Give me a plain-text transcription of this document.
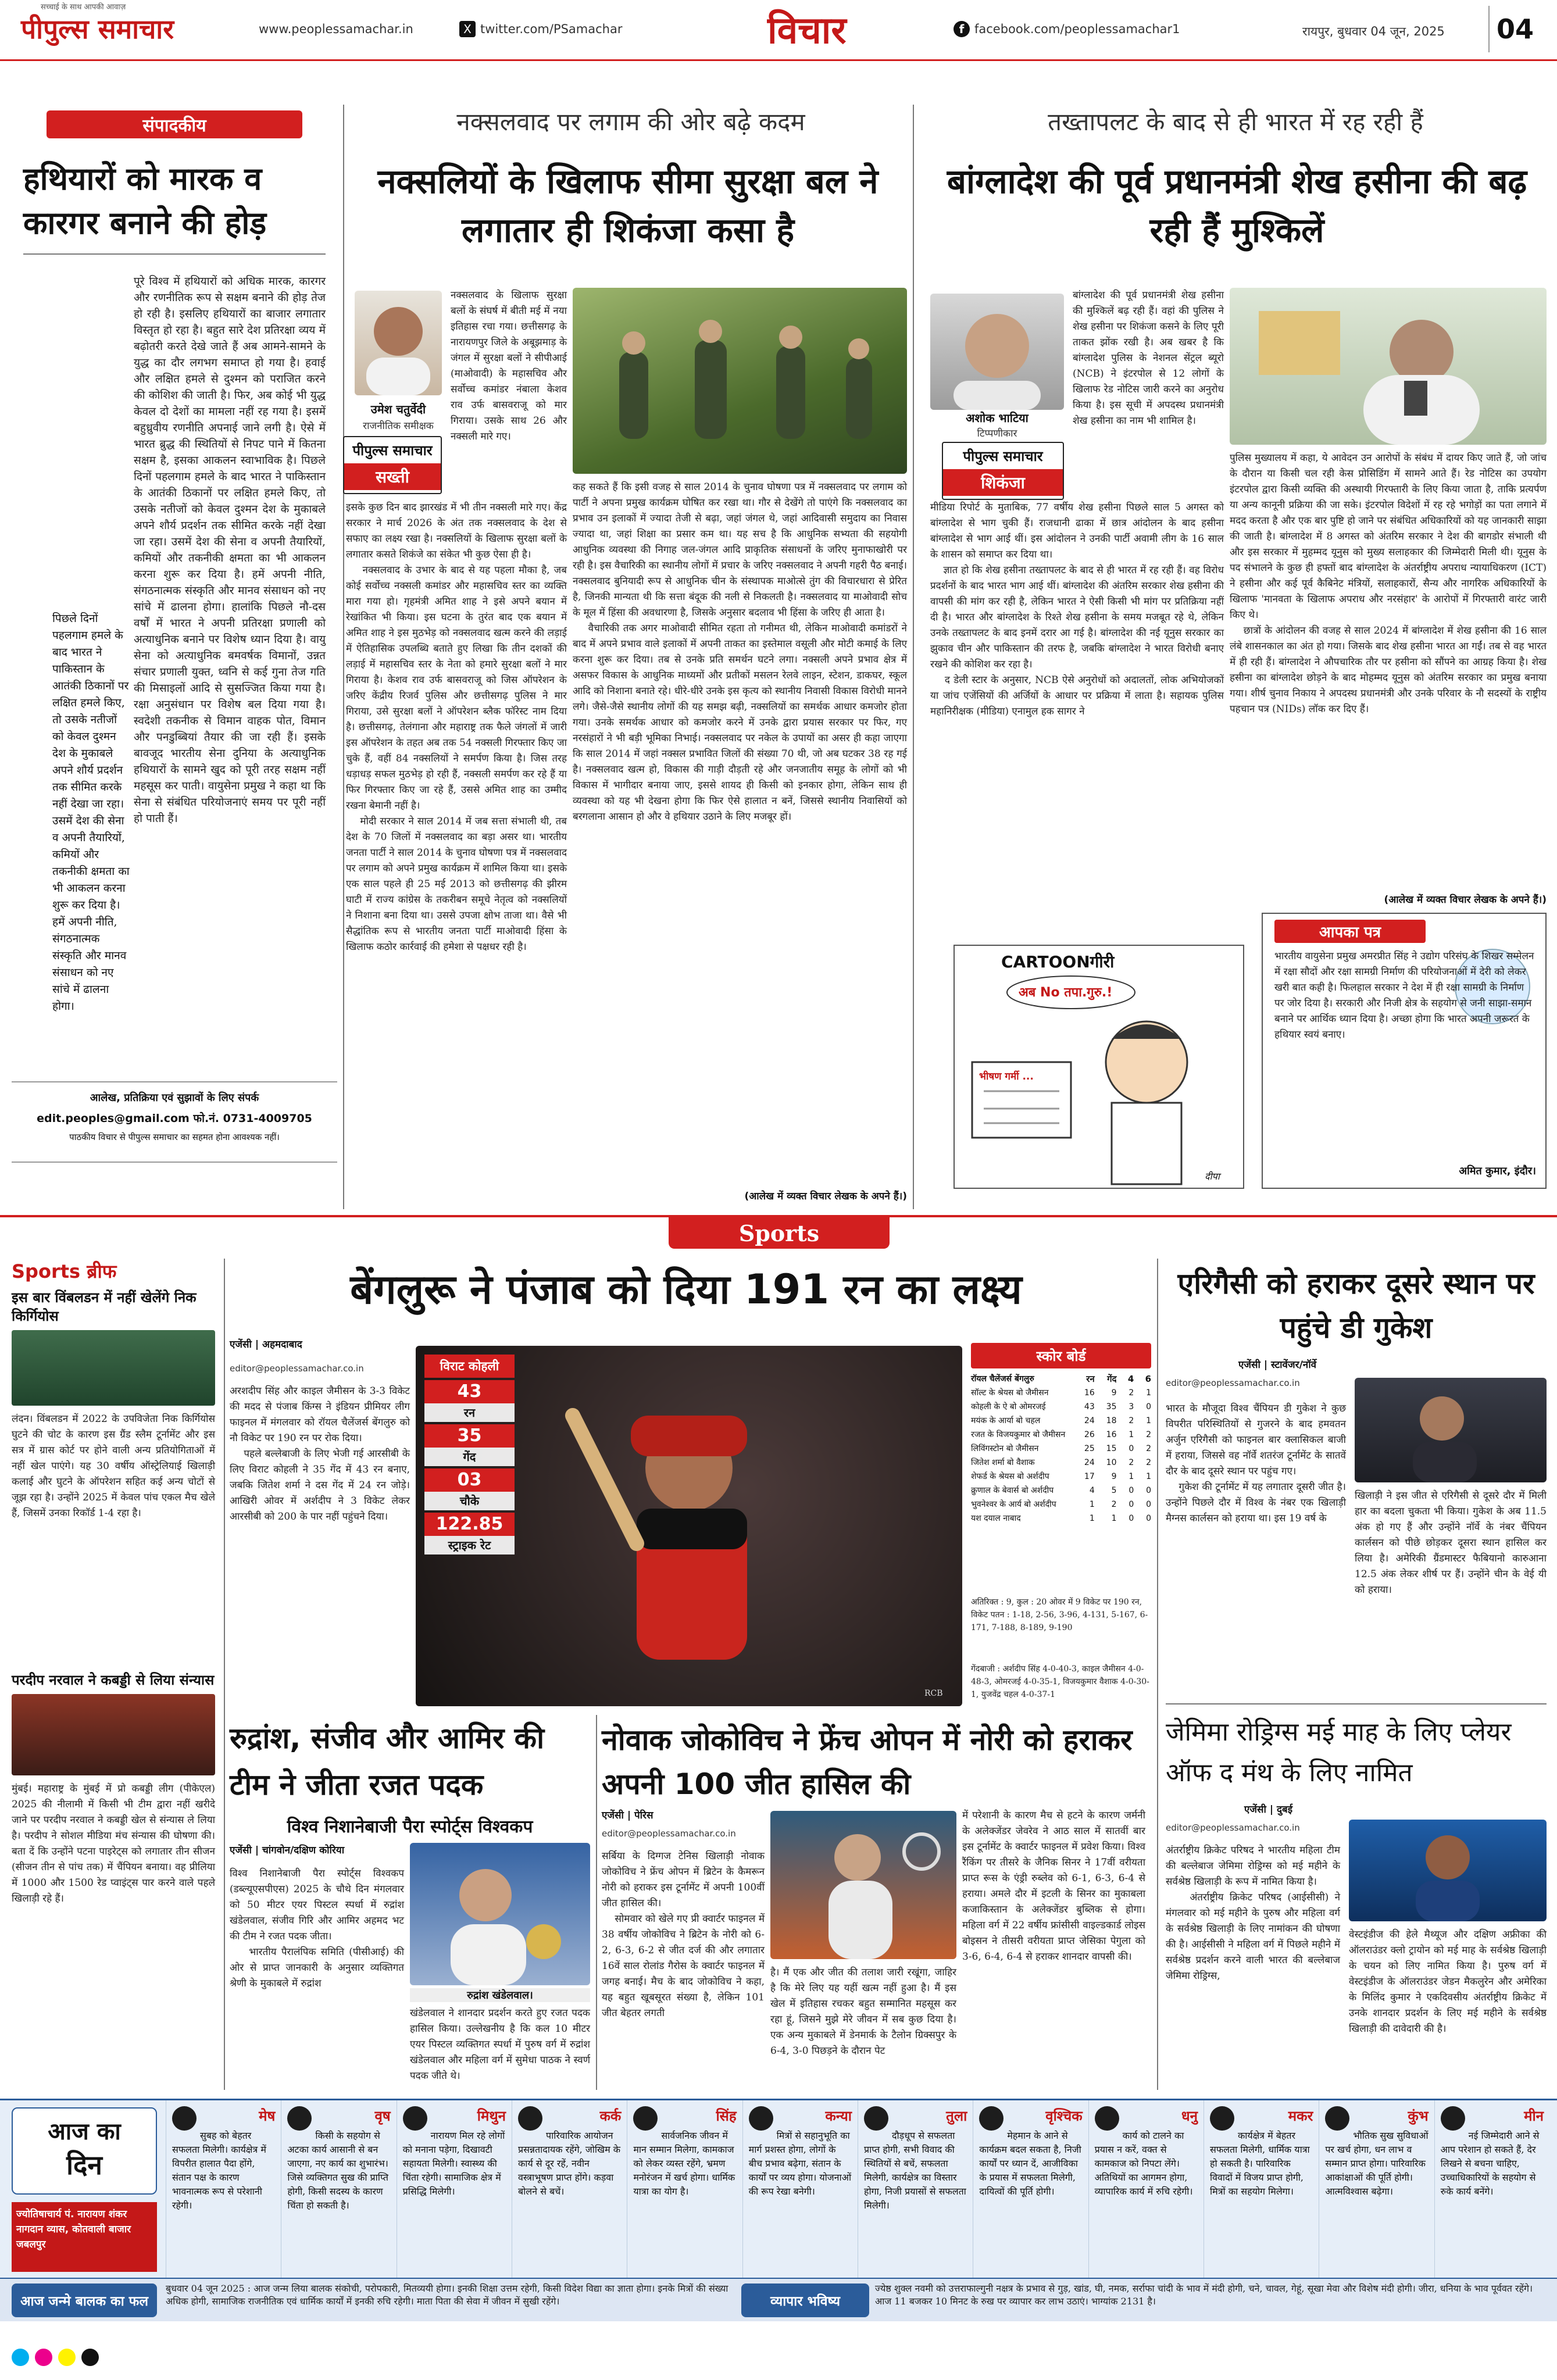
पीपुल्स समाचार
सच्चाई के साथ आपकी आवाज़
www.peoplessamachar.in	X twitter.com/PSamachar	विचार	f facebook.com/peoplessamachar1	रायपुर, बुधवार 04 जून, 2025	04
संपादकीय
हथियारों को मारक व कारगर बनाने की होड़
पूरे विश्व में हथियारों को अधिक मारक, कारगर और रणनीतिक रूप से सक्षम बनाने की होड़ तेज हो रही है। इसलिए हथियारों का बाजार लगातार विस्तृत हो रहा है। बहुत सारे देश प्रतिरक्षा व्यय में बढ़ोतरी करते देखे जाते हैं अब आमने-सामने के युद्ध का दौर लगभग समाप्त हो गया है। हवाई और लक्षित हमले से दुश्मन को पराजित करने की कोशिश की जाती है। फिर, अब कोई भी युद्ध केवल दो देशों का मामला नहीं रह गया है। इसमें बहुध्रुवीय रणनीति अपनाई जाने लगी है। ऐसे में भारत ब्रुद्ध की स्थितियों से निपट पाने में कितना सक्षम है, इसका आकलन स्वाभाविक है। पिछले दिनों पहलगाम हमले के बाद भारत ने पाकिस्तान के आतंकी ठिकानों पर लक्षित हमले किए, तो उसके नतीजों को केवल दुश्मन देश के मुकाबले अपने शौर्य प्रदर्शन तक सीमित करके नहीं देखा जा रहा। उसमें देश की सेना व अपनी तैयारियों, कमियों और तकनीकी क्षमता का भी आकलन करना शुरू कर दिया है। हमें अपनी नीति, संगठनात्मक संस्कृति और मानव संसाधन को नए सांचे में ढालना होगा। हालांकि पिछले नौ-दस वर्षों में भारत ने अपनी प्रतिरक्षा प्रणाली को अत्याधुनिक बनाने पर विशेष ध्यान दिया है। वायु सेना को अत्याधुनिक बमवर्षक विमानों, उन्नत संचार प्रणाली युक्त, ध्वनि से कई गुना तेज गति की मिसाइलों आदि से सुसज्जित किया गया है। रक्षा अनुसंधान पर विशेष बल दिया गया है। स्वदेशी तकनीक से विमान वाहक पोत, विमान और पनडुब्बियां तैयार की जा रही हैं। इसके बावजूद भारतीय सेना दुनिया के अत्याधुनिक हथियारों के सामने खुद को पूरी तरह सक्षम नहीं महसूस कर पाती। वायुसेना प्रमुख ने कहा था कि सेना से संबंधित परियोजनाएं समय पर पूरी नहीं हो पाती हैं।
पिछले दिनों पहलगाम हमले के बाद भारत ने पाकिस्तान के आतंकी ठिकानों पर लक्षित हमले किए, तो उसके नतीजों को केवल दुश्मन देश के मुकाबले अपने शौर्य प्रदर्शन तक सीमित करके नहीं देखा जा रहा। उसमें देश की सेना व अपनी तैयारियों, कमियों और तकनीकी क्षमता का भी आकलन करना शुरू कर दिया है। हमें अपनी नीति, संगठनात्मक संस्कृति और मानव संसाधन को नए सांचे में ढालना होगा।
आलेख, प्रतिक्रिया एवं सुझावों के लिए संपर्क
edit.peoples@gmail.com फो.नं. 0731-4009705
पाठकीय विचार से पीपुल्स समाचार का सहमत होना आवश्यक नहीं।
नक्सलवाद पर लगाम की ओर बढ़े कदम
नक्सलियों के खिलाफ सीमा सुरक्षा बल ने लगातार ही शिकंजा कसा है
उमेश चतुर्वेदी
राजनीतिक समीक्षक
पीपुल्स समाचार
सख्ती
नक्सलवाद के खिलाफ सुरक्षा बलों के संघर्ष में बीती मई में नया इतिहास रचा गया। छत्तीसगढ़ के नारायणपुर जिले के अबूझमाड़ के जंगल में सुरक्षा बलों ने सीपीआई (माओवादी) के महासचिव और सर्वोच्च कमांडर नंबाला केशव राव उर्फ बासवराजू को मार गिराया। उसके साथ 26 और नक्सली मारे गए।
इसके कुछ दिन बाद झारखंड में भी तीन नक्सली मारे गए। केंद्र सरकार ने मार्च 2026 के अंत तक नक्सलवाद के देश से सफाए का लक्ष्य रखा है। नक्सलियों के खिलाफ सुरक्षा बलों के लगातार कसते शिकंजे का संकेत भी कुछ ऐसा ही है।
नक्सलवाद के उभार के बाद से यह पहला मौका है, जब कोई सर्वोच्च नक्सली कमांडर और महासचिव स्तर का व्यक्ति मारा गया हो। गृहमंत्री अमित शाह ने इसे अपने बयान में रेखांकित भी किया। इस घटना के तुरंत बाद एक बयान में अमित शाह ने इस मुठभेड़ को नक्सलवाद खत्म करने की लड़ाई में ऐतिहासिक उपलब्धि बताते हुए लिखा कि तीन दशकों की लड़ाई में महासचिव स्तर के नेता को हमारे सुरक्षा बलों ने मार गिराया है। केशव राव उर्फ बासवराजू को जिस ऑपरेशन के जरिए केंद्रीय रिजर्व पुलिस और छत्तीसगढ़ पुलिस ने मार गिराया, उसे सुरक्षा बलों ने ऑपरेशन ब्लैक फॉरेस्ट नाम दिया है। छत्तीसगढ़, तेलंगाना और महाराष्ट्र तक फैले जंगलों में जारी इस ऑपरेशन के तहत अब तक 54 नक्सली गिरफ्तार किए जा चुके हैं, वहीं 84 नक्सलियों ने समर्पण किया है। जिस तरह धड़ाधड़ सफल मुठभेड़ हो रही हैं, नक्सली समर्पण कर रहे हैं या फिर गिरफ्तार किए जा रहे हैं, उससे अमित शाह का उम्मीद रखना बेमानी नहीं है।
मोदी सरकार ने साल 2014 में जब सत्ता संभाली थी, तब देश के 70 जिलों में नक्सलवाद का बड़ा असर था। भारतीय जनता पार्टी ने साल 2014 के चुनाव घोषणा पत्र में नक्सलवाद पर लगाम को अपने प्रमुख कार्यक्रम में शामिल किया था। इसके एक साल पहले ही 25 मई 2013 को छत्तीसगढ़ की झीरम घाटी में राज्य कांग्रेस के तकरीबन समूचे नेतृत्व को नक्सलियों ने निशाना बना दिया था। उससे उपजा क्षोभ ताजा था। वैसे भी सैद्धांतिक रूप से भारतीय जनता पार्टी माओवादी हिंसा के खिलाफ कठोर कार्रवाई की हमेशा से पक्षधर रही है।
कह सकते हैं कि इसी वजह से साल 2014 के चुनाव घोषणा पत्र में नक्सलवाद पर लगाम को पार्टी ने अपना प्रमुख कार्यक्रम घोषित कर रखा था। गौर से देखेंगे तो पाएंगे कि नक्सलवाद का प्रभाव उन इलाकों में ज्यादा तेजी से बढ़ा, जहां जंगल थे, जहां आदिवासी समुदाय का निवास ज्यादा था, जहां शिक्षा का प्रसार कम था। यह सच है कि आधुनिक सभ्यता की सहयोगी आधुनिक व्यवस्था की निगाह जल-जंगल आदि प्राकृतिक संसाधनों के जरिए मुनाफाखोरी पर रही है। इस वैचारिकी का स्थानीय लोगों में प्रचार के जरिए नक्सलवाद ने अपनी गहरी पैठ बनाई। नक्सलवाद बुनियादी रूप से आधुनिक चीन के संस्थापक माओत्से तुंग की विचारधारा से प्रेरित है, जिनकी मान्यता थी कि सत्ता बंदूक की नली से निकलती है। नक्सलवाद या माओवादी सोच के मूल में हिंसा की अवधारणा है, जिसके अनुसार बदलाव भी हिंसा के जरिए ही आता है।
वैचारिकी तक अगर माओवादी सीमित रहता तो गनीमत थी, लेकिन माओवादी कमांडरों ने बाद में अपने प्रभाव वाले इलाकों में अपनी ताकत का इस्तेमाल वसूली और मोटी कमाई के लिए करना शुरू कर दिया। तब से उनके प्रति समर्थन घटने लगा। नक्सली अपने प्रभाव क्षेत्र में असफर विकास के आधुनिक माध्यमों और प्रतीकों मसलन रेलवे लाइन, स्टेशन, डाकघर, स्कूल आदि को निशाना बनाते रहे। धीरे-धीरे उनके इस कृत्य को स्थानीय निवासी विकास विरोधी मानने लगे। जैसे-जैसे स्थानीय लोगों की यह समझ बढ़ी, नक्सलियों का समर्थक आधार कमजोर होता गया। उनके समर्थक आधार को कमजोर करने में उनके द्वारा प्रयास सरकार पर फिर, गए नरसंहारों ने भी बड़ी भूमिका निभाई। नक्सलवाद पर नकेल के उपायों का असर ही कहा जाएगा कि साल 2014 में जहां नक्सल प्रभावित जिलों की संख्या 70 थी, जो अब घटकर 38 रह गई है। नक्सलवाद खत्म हो, विकास की गाड़ी दौड़ती रहे और जनजातीय समूह के लोगों को भी विकास में भागीदार बनाया जाए, इससे शायद ही किसी को इनकार होगा, लेकिन साथ ही व्यवस्था को यह भी देखना होगा कि फिर ऐसे हालात न बनें, जिससे स्थानीय निवासियों को बरगलाना आसान हो और वे हथियार उठाने के लिए मजबूर हों।
(आलेख में व्यक्त विचार लेखक के अपने हैं।)
तख्तापलट के बाद से ही भारत में रह रही हैं
बांग्लादेश की पूर्व प्रधानमंत्री शेख हसीना की बढ़ रही हैं मुश्किलें
अशोक भाटिया
टिप्पणीकार
पीपुल्स समाचार
शिकंजा
बांग्लादेश की पूर्व प्रधानमंत्री शेख हसीना की मुश्किलें बढ़ रही हैं। वहां की पुलिस ने शेख हसीना पर शिकंजा कसने के लिए पूरी ताकत झोंक रखी है। अब खबर है कि बांग्लादेश पुलिस के नेशनल सेंट्रल ब्यूरो (NCB) ने इंटरपोल से 12 लोगों के खिलाफ रेड नोटिस जारी करने का अनुरोध किया है। इस सूची में अपदस्थ प्रधानमंत्री शेख हसीना का नाम भी शामिल है।
मीडिया रिपोर्ट के मुताबिक, 77 वर्षीय शेख हसीना पिछले साल 5 अगस्त को बांग्लादेश से भाग चुकी हैं। राजधानी ढाका में छात्र आंदोलन के बाद हसीना बांग्लादेश से भाग आई थीं। इस आंदोलन ने उनकी पार्टी अवामी लीग के 16 साल के शासन को समाप्त कर दिया था।
ज्ञात हो कि शेख हसीना तख्तापलट के बाद से ही भारत में रह रही हैं। वह विरोध प्रदर्शनों के बाद भारत भाग आई थीं। बांग्लादेश की अंतरिम सरकार शेख हसीना की वापसी की मांग कर रही है, लेकिन भारत ने ऐसी किसी भी मांग पर प्रतिक्रिया नहीं दी है। भारत और बांग्लादेश के रिश्ते शेख हसीना के समय मजबूत रहे थे, लेकिन उनके तख्तापलट के बाद इनमें दरार आ गई है। बांग्लादेश की नई यूनुस सरकार का झुकाव चीन और पाकिस्तान की तरफ है, जबकि बांग्लादेश ने भारत विरोधी बनाए रखने की कोशिश कर रहा है।
द डेली स्टार के अनुसार, NCB ऐसे अनुरोधों को अदालतों, लोक अभियोजकों या जांच एजेंसियों की अर्जियों के आधार पर प्रक्रिया में लाता है। सहायक पुलिस महानिरीक्षक (मीडिया) एनामुल हक सागर ने
पुलिस मुख्यालय में कहा, ये आवेदन उन आरोपों के संबंध में दायर किए जाते हैं, जो जांच के दौरान या किसी चल रही केस प्रोसिडिंग में सामने आते हैं। रेड नोटिस का उपयोग इंटरपोल द्वारा किसी व्यक्ति की अस्थायी गिरफ्तारी के लिए किया जाता है, ताकि प्रत्यर्पण या अन्य कानूनी प्रक्रिया की जा सके। इंटरपोल विदेशों में रह रहे भगोड़ों का पता लगाने में मदद करता है और एक बार पुष्टि हो जाने पर संबंधित अधिकारियों को यह जानकारी साझा की जाती है। बांग्लादेश में 8 अगस्त को अंतरिम सरकार ने देश की बागडोर संभाली थी और इस सरकार में मुहम्मद यूनुस को मुख्य सलाहकार की जिम्मेदारी मिली थी। यूनुस के पद संभालने के कुछ ही हफ्तों बाद बांग्लादेश के अंतर्राष्ट्रीय अपराध न्यायाधिकरण (ICT) ने हसीना और कई पूर्व कैबिनेट मंत्रियों, सलाहकारों, सैन्य और नागरिक अधिकारियों के खिलाफ 'मानवता के खिलाफ अपराध और नरसंहार' के आरोपों में गिरफ्तारी वारंट जारी किए थे।
छात्रों के आंदोलन की वजह से साल 2024 में बांग्लादेश में शेख हसीना की 16 साल लंबे शासनकाल का अंत हो गया। जिसके बाद शेख हसीना भारत आ गईं। तब से वह भारत में ही रही हैं। बांग्लादेश ने औपचारिक तौर पर हसीना को सौंपने का आग्रह किया है। शेख हसीना का बांग्लादेश छोड़ने के बाद मोहम्मद यूनुस को अंतरिम सरकार का प्रमुख बनाया गया। शीर्ष चुनाव निकाय ने अपदस्थ प्रधानमंत्री और उनके परिवार के नौ सदस्यों के राष्ट्रीय पहचान पत्र (NIDs) लॉक कर दिए हैं।
(आलेख में व्यक्त विचार लेखक के अपने हैं।)
CARTOONगीरी
अब No तपा.गुरु.!
भीषण गर्मी ...
दीपा
आपका पत्र
भारतीय वायुसेना प्रमुख अमरप्रीत सिंह ने उद्योग परिसंघ के शिखर सम्मेलन में रक्षा सौदों और रक्षा सामग्री निर्माण की परियोजनाओं में देरी को लेकर खरी बात कही है। फिलहाल सरकार ने देश में ही रक्षा सामग्री के निर्माण पर जोर दिया है। सरकारी और निजी क्षेत्र के सहयोग से जनी साझा-समान बनाने पर आर्थिक ध्यान दिया है। अच्छा होगा कि भारत अपनी जरूरत के हथियार स्वयं बनाए।
अमित कुमार, इंदौर।
Sports
Sports ब्रीफ
इस बार विंबलडन में नहीं खेलेंगे निक किर्गियोस
लंदन। विंबलडन में 2022 के उपविजेता निक किर्गियोस घुटने की चोट के कारण इस ग्रैंड स्लैम टूर्नामेंट और इस सत्र में ग्रास कोर्ट पर होने वाली अन्य प्रतियोगिताओं में नहीं खेल पाएंगे। यह 30 वर्षीय ऑस्ट्रेलियाई खिलाड़ी कलाई और घुटने के ऑपरेशन सहित कई अन्य चोटों से जूझ रहा है। उन्होंने 2025 में केवल पांच एकल मैच खेले हैं, जिसमें उनका रिकॉर्ड 1-4 रहा है।
परदीप नरवाल ने कबड्डी से लिया संन्यास
मुंबई। महाराष्ट्र के मुंबई में प्रो कबड्डी लीग (पीकेएल) 2025 की नीलामी में किसी भी टीम द्वारा नहीं खरीदे जाने पर परदीप नरवाल ने कबड्डी खेल से संन्यास ले लिया है। परदीप ने सोशल मीडिया मंच संन्यास की घोषणा की। बता दें कि उन्होंने पटना पाइरेट्स को लगातार तीन सीजन (सीजन तीन से पांच तक) में चैंपियन बनाया। वह प्रीलिया में 1000 और 1500 रेड प्वाइंट्स पार करने वाले पहले खिलाड़ी रहे हैं।
बेंगलुरू ने पंजाब को दिया 191 रन का लक्ष्य
एजेंसी | अहमदाबाद
editor@peoplessamachar.co.in
अरशदीप सिंह और काइल जैमीसन के 3-3 विकेट की मदद से पंजाब किंग्स ने इंडियन प्रीमियर लीग फाइनल में मंगलवार को रॉयल चैलेंजर्स बेंगलुरु को नौ विकेट पर 190 रन पर रोक दिया।
पहले बल्लेबाजी के लिए भेजी गई आरसीबी के लिए विराट कोहली ने 35 गेंद में 43 रन बनाए, जबकि जितेश शर्मा ने दस गेंद में 24 रन जोड़े। आखिरी ओवर में अर्शदीप ने 3 विकेट लेकर आरसीबी को 200 के पार नहीं पहुंचने दिया।
विराट कोहली
43
रन
35
गेंद
03
चौके
122.85
स्ट्राइक रेट
RCB
स्कोर बोर्ड
रॉयल चैलेंजर्स बेंगलुरु	रन	गेंद	4	6
सॉल्ट के श्रेयस बो जैमीसन	16	9	2	1
कोहली के ऐ बो ओमरजई	43	35	3	0
मयंक के आर्या बो चहल	24	18	2	1
रजत के विजयकुमार बो जैमीसन	26	16	1	2
लिविंगस्टोन बो जैमीसन	25	15	0	2
जितेश शर्मा बो वैशाक	24	10	2	2
शेफर्ड के श्रेयस बो अर्शदीप	17	9	1	1
क्रुणाल के बेवार्स बो अर्शदीप	4	5	0	0
भुवनेश्वर के आर्य बो अर्शदीप	1	2	0	0
यश दयाल नाबाद	1	1	0	0
अतिरिक्त : 9, कुल : 20 ओवर में 9 विकेट पर 190 रन, विकेट पतन : 1-18, 2-56, 3-96, 4-131, 5-167, 6-171, 7-188, 8-189, 9-190
गेंदबाजी : अर्शदीप सिंह 4-0-40-3, काइल जैमीसन 4-0-48-3, ओमरजई 4-0-35-1, विजयकुमार वैशाक 4-0-30-1, युजवेंद्र चहल 4-0-37-1
रुद्रांश, संजीव और आमिर की टीम ने जीता रजत पदक
विश्व निशानेबाजी पैरा स्पोर्ट्स विश्वकप
एजेंसी | चांगवोन/दक्षिण कोरिया
विश्व निशानेबाजी पैरा स्पोर्ट्स विश्वकप (डब्ल्यूएसपीएस) 2025 के चौथे दिन मंगलवार को 50 मीटर एयर पिस्टल स्पर्धा में रुद्रांश खंडेलवाल, संजीव गिरि और आमिर अहमद भट की टीम ने रजत पदक जीता।
भारतीय पैरालंपिक समिति (पीसीआई) की ओर से प्राप्त जानकारी के अनुसार व्यक्तिगत श्रेणी के मुकाबले में रुद्रांश
रुद्रांश खंडेलवाल।
खंडेलवाल ने शानदार प्रदर्शन करते हुए रजत पदक हासिल किया। उल्लेखनीय है कि कल 10 मीटर एयर पिस्टल व्यक्तिगत स्पर्धा में पुरुष वर्ग में रुद्रांश खंडेलवाल और महिला वर्ग में सुमेधा पाठक ने स्वर्ण पदक जीते थे।
नोवाक जोकोविच ने फ्रेंच ओपन में नोरी को हराकर अपनी 100 जीत हासिल की
एजेंसी | पेरिस
editor@peoplessamachar.co.in
सर्बिया के दिग्गज टेनिस खिलाड़ी नोवाक जोकोविच ने फ्रेंच ओपन में ब्रिटेन के कैमरून नोरी को हराकर इस टूर्नामेंट में अपनी 100वीं जीत हासिल की।
सोमवार को खेले गए प्री क्वार्टर फाइनल में 38 वर्षीय जोकोविच ने ब्रिटेन के नोरी को 6-2, 6-3, 6-2 से जीत दर्ज की और लगातार 16वें साल रोलांड गैरोस के क्वार्टर फाइनल में जगह बनाई। मैच के बाद जोकोविच ने कहा, यह बहुत खूबसूरत संख्या है, लेकिन 101 जीत बेहतर लगती
है। मैं एक और जीत की तलाश जारी रखूंगा, जाहिर है कि मेरे लिए यह यहीं खत्म नहीं हुआ है। मैं इस खेल में इतिहास रचकर बहुत सम्मानित महसूस कर रहा हूं, जिसने मुझे मेरे जीवन में सब कुछ दिया है। एक अन्य मुकाबले में डेनमार्क के टैलोन ग्रिक्सपुर के 6-4, 3-0 पिछड़ने के दौरान पेट
में परेशानी के कारण मैच से हटने के कारण जर्मनी के अलेक्जेंडर जेवरेव ने आठ साल में सातवीं बार इस टूर्नामेंट के क्वार्टर फाइनल में प्रवेश किया। विश्व रैंकिंग पर तीसरे के जैनिक सिनर ने 17वीं वरीयता प्राप्त रूस के एंड्री रुब्लेव को 6-1, 6-3, 6-4 से हराया। अमले दौर में इटली के सिनर का मुकाबला कजाकिस्तान के अलेक्जेंडर बुब्लिक से होगा। महिला वर्ग में 22 वर्षीय फ्रांसीसी वाइल्डकार्ड लोइस बोइसन ने तीसरी वरीयता प्राप्त जेसिका पेगुला को 3-6, 6-4, 6-4 से हराकर शानदार वापसी की।
एरिगैसी को हराकर दूसरे स्थान पर पहुंचे डी गुकेश
एजेंसी | स्टावेंजर/नॉर्वे
editor@peoplessamachar.co.in
भारत के मौजूदा विश्व चैंपियन डी गुकेश ने कुछ विपरीत परिस्थितियों से गुजरने के बाद हमवतन अर्जुन एरिगैसी को फाइनल बार क्लासिकल बाजी में हराया, जिससे वह नॉर्वे शतरंज टूर्नामेंट के सातवें दौर के बाद दूसरे स्थान पर पहुंच गए।
गुकेश की टूर्नामेंट में यह लगातार दूसरी जीत है। उन्होंने पिछले दौर में विश्व के नंबर एक खिलाड़ी मैग्नस कार्लसन को हराया था। इस 19 वर्ष के
खिलाड़ी ने इस जीत से एरिगैसी से दूसरे दौर में मिली हार का बदला चुकता भी किया। गुकेश के अब 11.5 अंक हो गए हैं और उन्होंने नॉर्वे के नंबर चैंपियन कार्लसन को पीछे छोड़कर दूसरा स्थान हासिल कर लिया है। अमेरिकी ग्रैंडमास्टर फैबियानो कारुआना 12.5 अंक लेकर शीर्ष पर हैं। उन्होंने चीन के वेई यी को हराया।
जेमिमा रोड्रिग्स मई माह के लिए प्लेयर ऑफ द मंथ के लिए नामित
एजेंसी | दुबई
editor@peoplessamachar.co.in
अंतर्राष्ट्रीय क्रिकेट परिषद ने भारतीय महिला टीम की बल्लेबाज जेमिमा रोड्रिग्स को मई महीने के सर्वश्रेष्ठ खिलाड़ी के रूप में नामित किया है।
अंतर्राष्ट्रीय क्रिकेट परिषद (आईसीसी) ने मंगलवार को मई महीने के पुरुष और महिला वर्ग के सर्वश्रेष्ठ खिलाड़ी के लिए नामांकन की घोषणा की है। आईसीसी ने महिला वर्ग में पिछले महीने में सर्वश्रेष्ठ प्रदर्शन करने वाली भारत की बल्लेबाज जेमिमा रोड्रिग्स,
वेस्टइंडीज की हेले मैथ्यूज और दक्षिण अफ्रीका की ऑलराउंडर क्लो ट्रायोन को मई माह के सर्वश्रेष्ठ खिलाड़ी के चयन को लिए नामित किया है। पुरुष वर्ग में वेस्टइंडीज के ऑलराउंडर जेडन मैकलुरेन और अमेरिका के मिलिंद कुमार ने एकदिवसीय अंतर्राष्ट्रीय क्रिकेट में उनके शानदार प्रदर्शन के लिए मई महीने के सर्वश्रेष्ठ खिलाड़ी की दावेदारी की है।
आज का
दिन
ज्योतिषाचार्य पं. नारायण शंकर नागदान व्यास, कोतवाली बाजार जबलपुर
मेष
सुबह को बेहतर सफलता मिलेगी। कार्यक्षेत्र में विपरीत हालात पैदा होंगे, संतान पक्ष के कारण भावनात्मक रूप से परेशानी रहेगी।
वृष
किसी के सहयोग से अटका कार्य आसानी से बन जाएगा, नए कार्य का शुभारंभ। जिसे व्यक्तिगत सुख की प्राप्ति होगी, किसी सदस्य के कारण चिंता हो सकती है।
मिथुन
नारायण मिल रहे लोगों को मनाना पड़ेगा, दिखावटी सहायता मिलेगी। स्वास्थ्य की चिंता रहेगी। सामाजिक क्षेत्र में प्रसिद्धि मिलेगी।
कर्क
पारिवारिक आयोजन प्रसन्नतादायक रहेंगे, जोखिम के कार्य से दूर रहें, नवीन वस्त्राभूषण प्राप्त होंगे। कड़वा बोलने से बचें।
सिंह
सार्वजनिक जीवन में मान सम्मान मिलेगा, कामकाज को लेकर व्यस्त रहेंगे, भ्रमण मनोरंजन में खर्च होगा। धार्मिक यात्रा का योग है।
कन्या
मित्रों से सहानुभूति का मार्ग प्रशस्त होगा, लोगों के बीच प्रभाव बढ़ेगा, संतान के कार्यों पर व्यय होगा। योजनाओं की रूप रेखा बनेगी।
तुला
दौड़धूप से सफलता प्राप्त होगी, सभी विवाद की स्थितियों से बचें, सफलता मिलेगी, कार्यक्षेत्र का विस्तार होगा, निजी प्रयासों से सफलता मिलेगी।
वृश्चिक
मेहमान के आने से कार्यक्रम बदल सकता है, निजी कार्यों पर ध्यान दें, आजीविका के प्रयास में सफलता मिलेगी, दायित्वों की पूर्ति होगी।
धनु
कार्य को टालने का प्रयास न करें, वक्त से कामकाज को निपटा लेंगे। अतिथियों का आगमन होगा, व्यापारिक कार्य में रुचि रहेगी।
मकर
कार्यक्षेत्र में बेहतर सफलता मिलेगी, धार्मिक यात्रा हो सकती है। पारिवारिक विवादों में विजय प्राप्त होगी, मित्रों का सहयोग मिलेगा।
कुंभ
भौतिक सुख सुविधाओं पर खर्च होगा, धन लाभ व सम्मान प्राप्त होगा। पारिवारिक आकांक्षाओं की पूर्ति होगी। आत्मविश्वास बढ़ेगा।
मीन
नई जिम्मेदारी आने से आप परेशान हो सकते हैं, देर लिखने से बचना चाहिए, उच्चाधिकारियों के सहयोग से रुके कार्य बनेंगे।
आज जन्मे बालक का फल
बुधवार 04 जून 2025 : आज जन्म लिया बालक संकोची, परोपकारी, मितव्ययी होगा। इनकी शिक्षा उत्तम रहेगी, किसी विदेश विद्या का ज्ञाता होगा। इनके मित्रों की संख्या अधिक होगी, सामाजिक राजनीतिक एवं धार्मिक कार्यों में इनकी रुचि रहेगी। माता पिता की सेवा में जीवन में सुखी रहेंगे।	व्यापार भविष्य
ज्येष्ठ शुक्ल नवमी को उत्तराफाल्गुनी नक्षत्र के प्रभाव से गुड़, खांड, घी, नमक, सर्राफा चांदी के भाव में मंदी होगी, चने, चावल, गेहूं, सूखा मेवा और विशेष मंदी होगी। जीरा, धनिया के भाव पूर्ववत रहेंगे। आज 11 बजकर 10 मिनट के रुख पर व्यापार कर लाभ उठाएं। भाग्यांक 2131 है।
